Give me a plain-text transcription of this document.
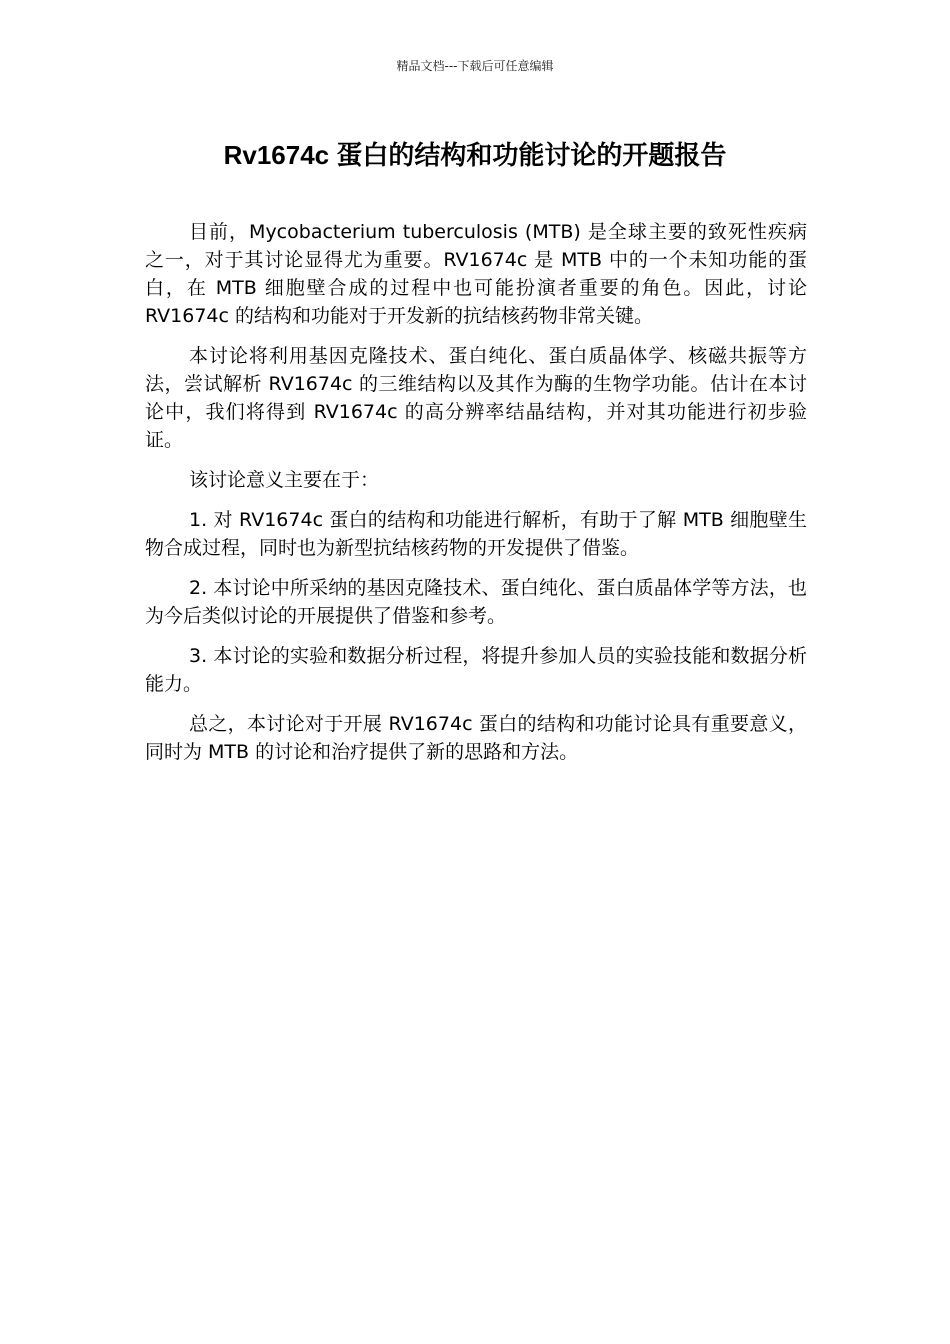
精品文档---下载后可任意编辑
Rv1674c 蛋白的结构和功能讨论的开题报告

目前，Mycobacterium tuberculosis (MTB) 是全球主要的致死性疾病之一，对于其讨论显得尤为重要。RV1674c 是 MTB 中的一个未知功能的蛋白，在 MTB 细胞壁合成的过程中也可能扮演者重要的角色。因此，讨论 RV1674c 的结构和功能对于开发新的抗结核药物非常关键。

本讨论将利用基因克隆技术、蛋白纯化、蛋白质晶体学、核磁共振等方法，尝试解析 RV1674c 的三维结构以及其作为酶的生物学功能。估计在本讨论中，我们将得到 RV1674c 的高分辨率结晶结构，并对其功能进行初步验证。

该讨论意义主要在于：

1. 对 RV1674c 蛋白的结构和功能进行解析，有助于了解 MTB 细胞壁生物合成过程，同时也为新型抗结核药物的开发提供了借鉴。

2. 本讨论中所采纳的基因克隆技术、蛋白纯化、蛋白质晶体学等方法，也为今后类似讨论的开展提供了借鉴和参考。

3. 本讨论的实验和数据分析过程，将提升参加人员的实验技能和数据分析能力。

总之，本讨论对于开展 RV1674c 蛋白的结构和功能讨论具有重要意义，同时为 MTB 的讨论和治疗提供了新的思路和方法。
